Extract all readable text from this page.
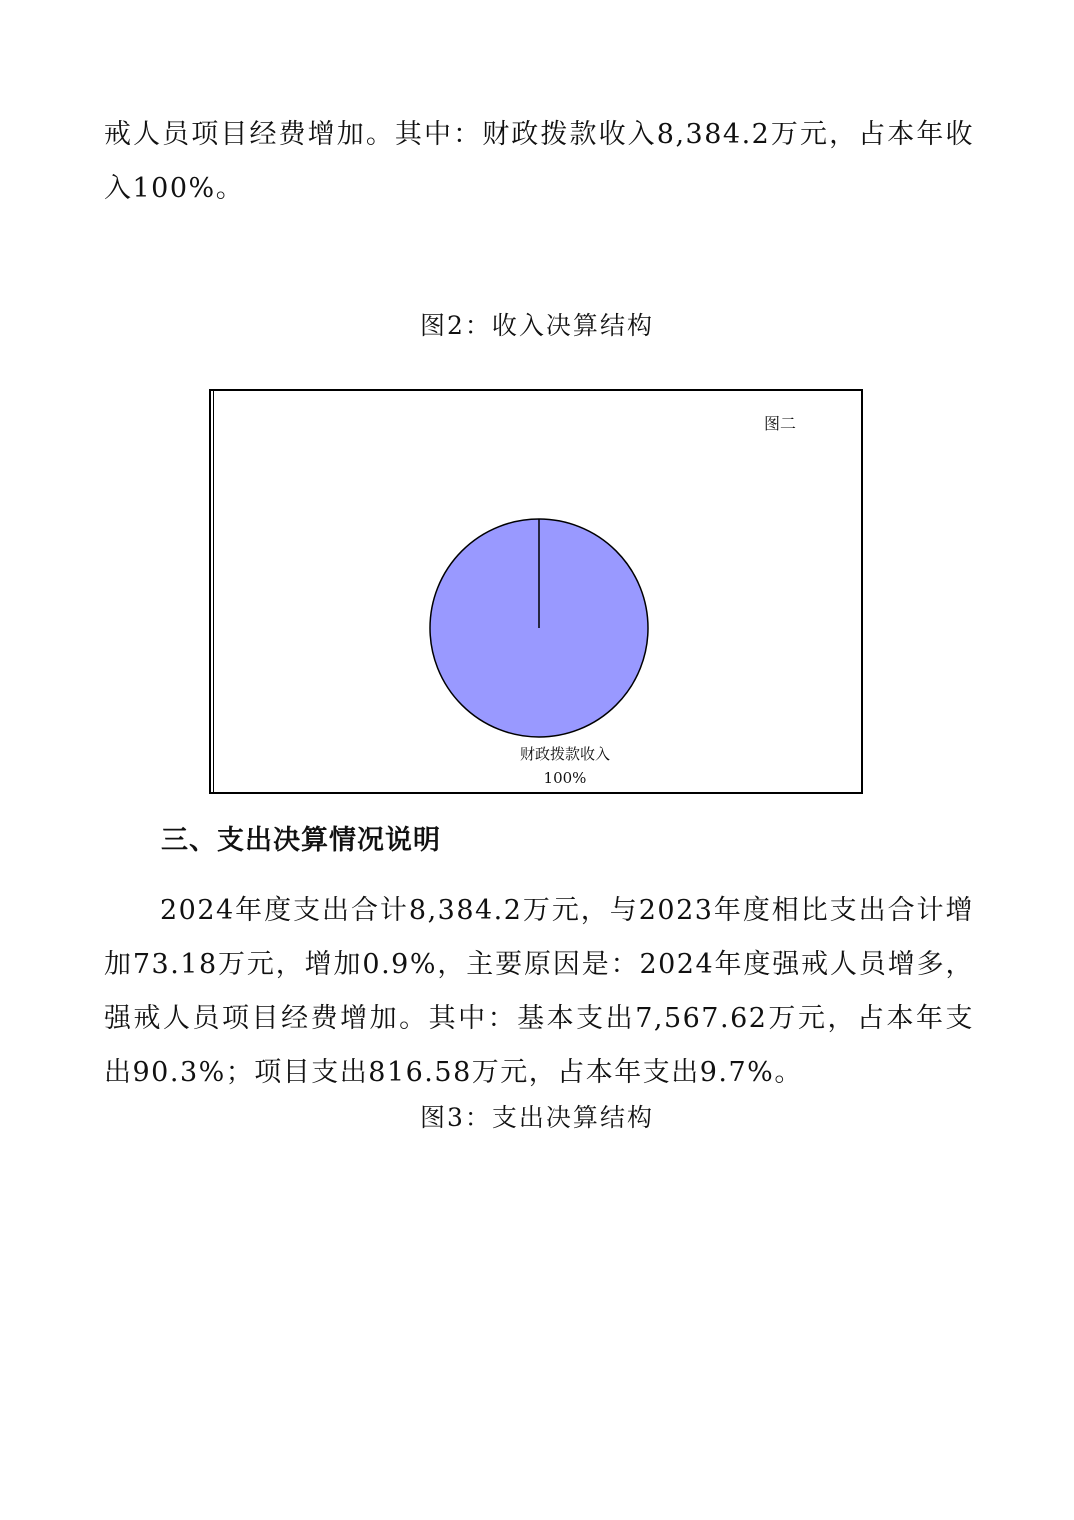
戒人员项目经费增加。其中：财政拨款收入8,384.2万元，占本年收入100%。

图2：收入决算结构

图二
财政拨款收入
100%
三、支出决算情况说明

2024年度支出合计8,384.2万元，与2023年度相比支出合计增加73.18万元，增加0.9%，主要原因是：2024年度强戒人员增多，强戒人员项目经费增加。其中：基本支出7,567.62万元，占本年支出90.3%；项目支出816.58万元，占本年支出9.7%。

图3：支出决算结构
